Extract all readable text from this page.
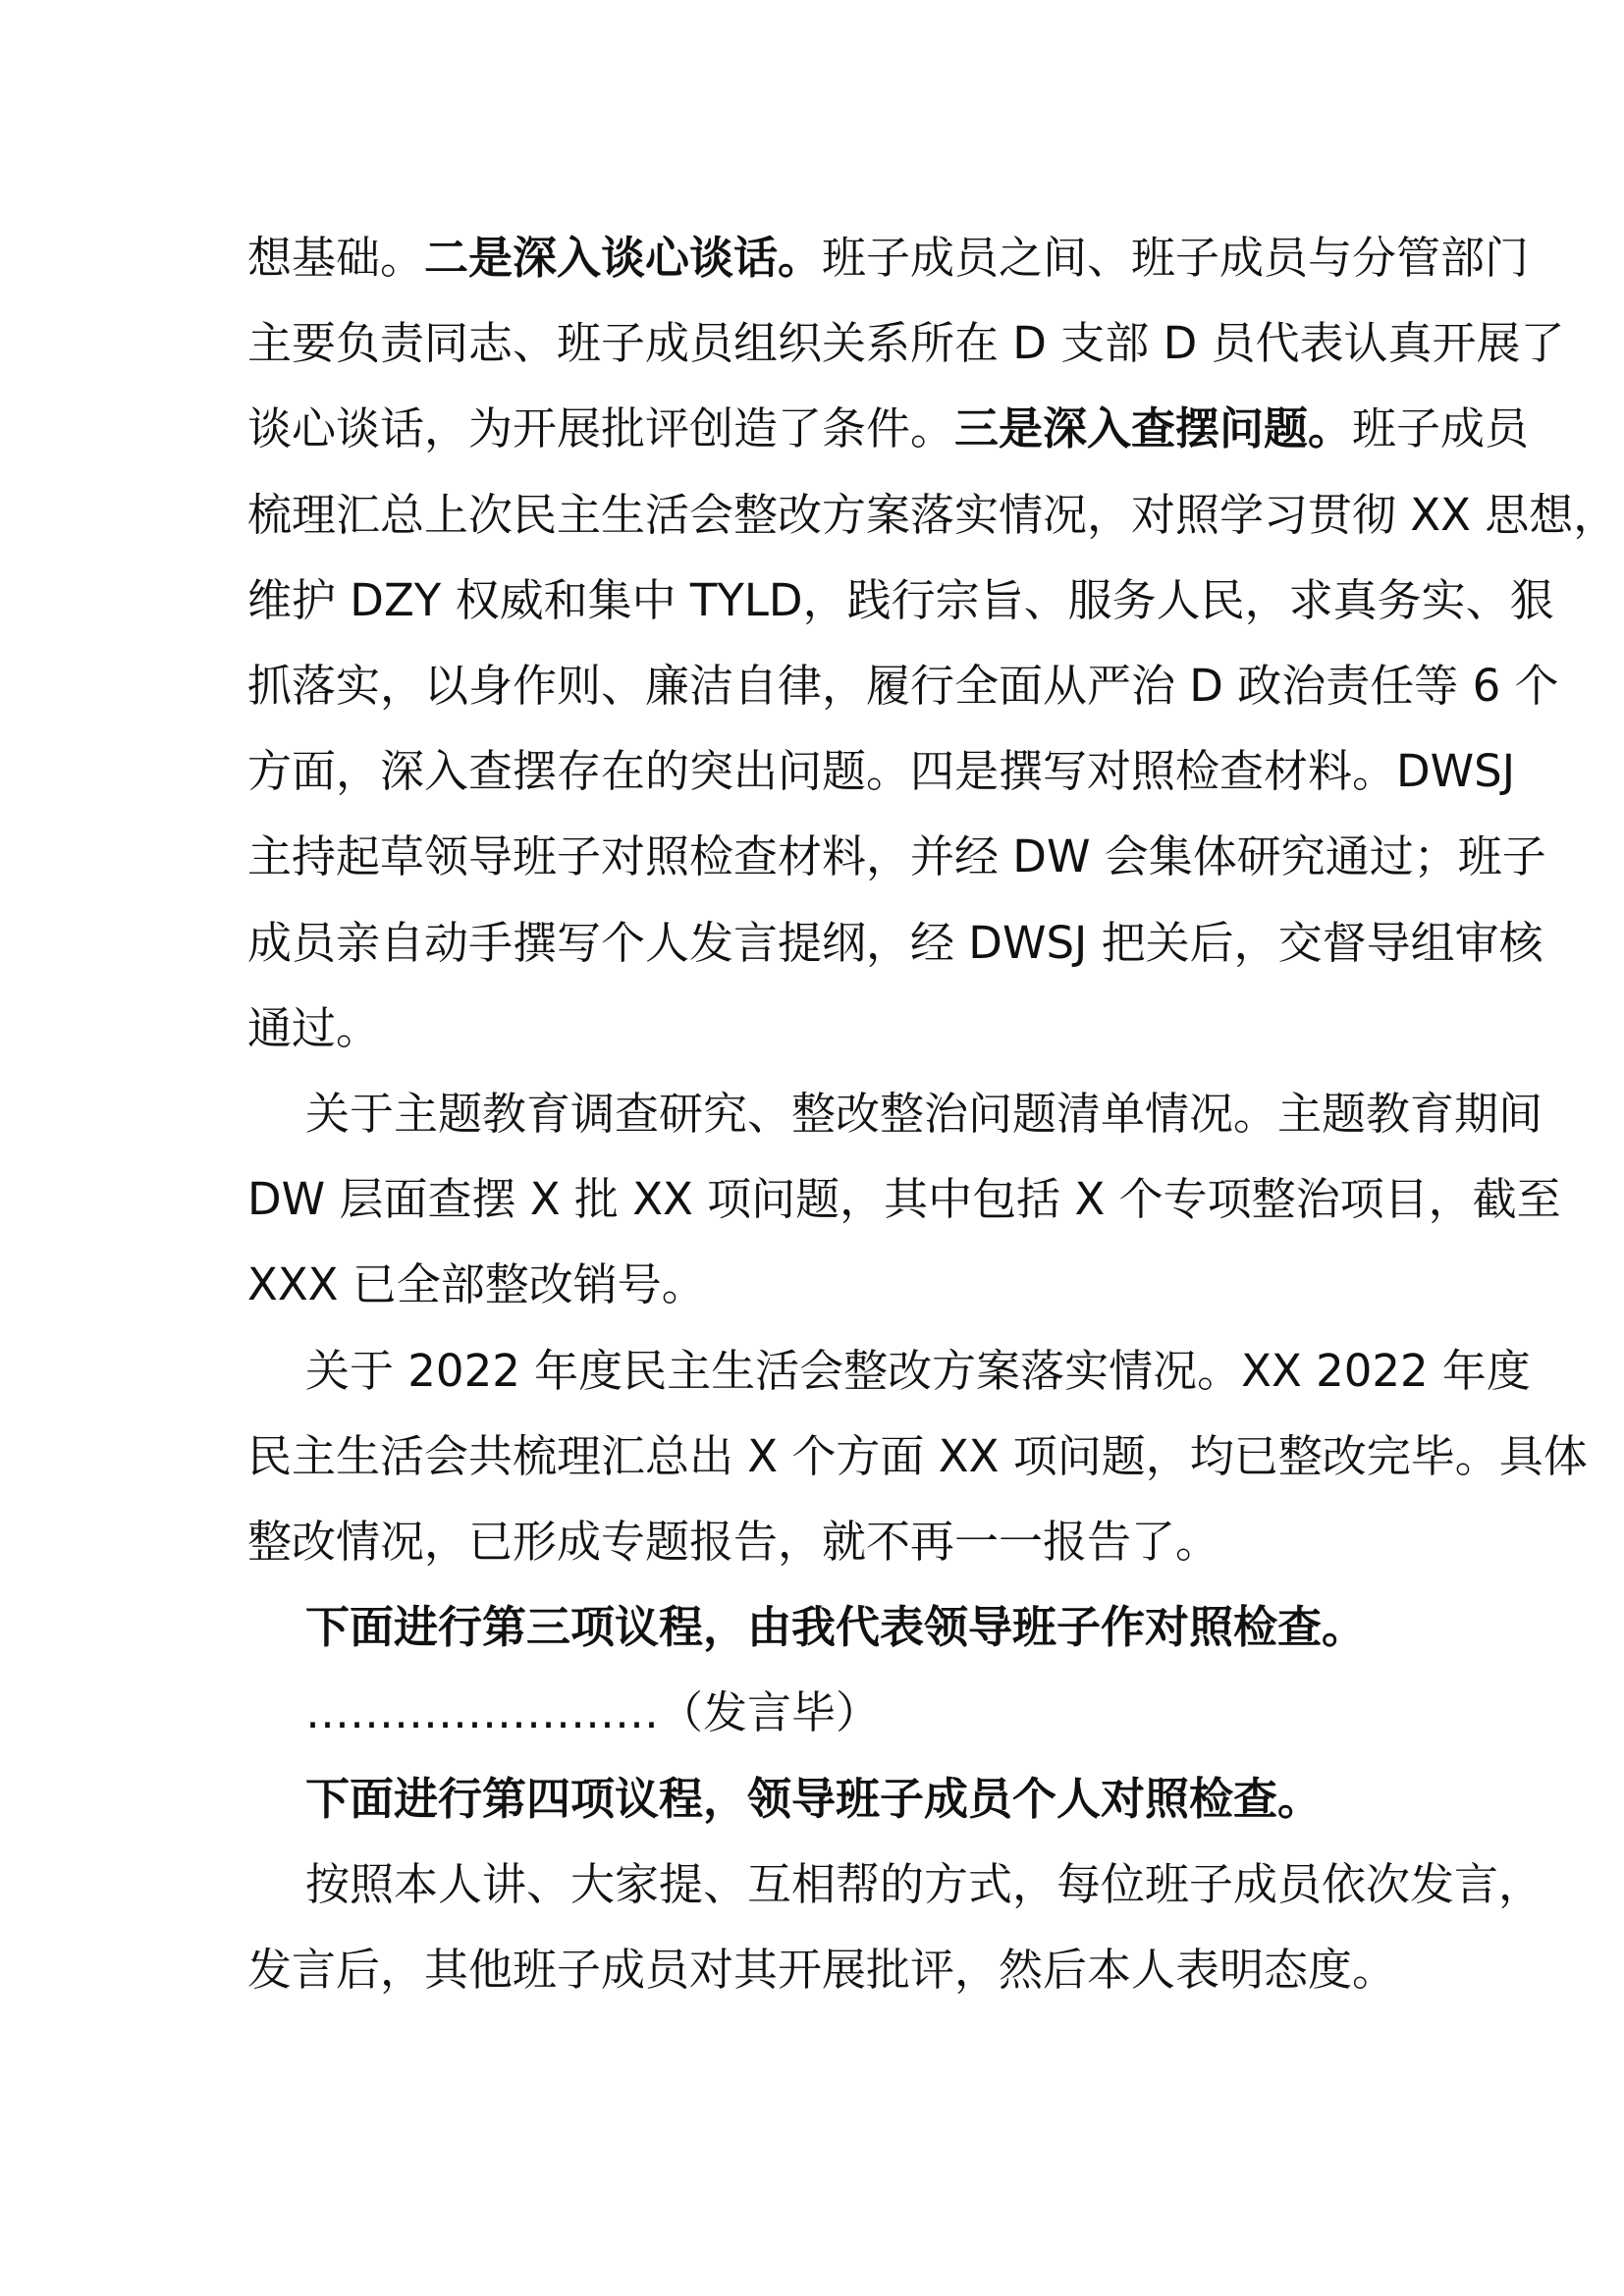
想基础。二是深入谈心谈话。班子成员之间、班子成员与分管部门
主要负责同志、班子成员组织关系所在 D 支部 D 员代表认真开展了
谈心谈话，为开展批评创造了条件。三是深入查摆问题。班子成员
梳理汇总上次民主生活会整改方案落实情况，对照学习贯彻 XX 思想，
维护 DZY 权威和集中 TYLD，践行宗旨、服务人民，求真务实、狠
抓落实，以身作则、廉洁自律，履行全面从严治 D 政治责任等 6 个
方面，深入查摆存在的突出问题。四是撰写对照检查材料。DWSJ
主持起草领导班子对照检查材料，并经 DW 会集体研究通过；班子
成员亲自动手撰写个人发言提纲，经 DWSJ 把关后，交督导组审核
通过。
关于主题教育调查研究、整改整治问题清单情况。主题教育期间
DW 层面查摆 X 批 XX 项问题，其中包括 X 个专项整治项目，截至
XXX 已全部整改销号。
关于 2022 年度民主生活会整改方案落实情况。XX 2022 年度
民主生活会共梳理汇总出 X 个方面 XX 项问题，均已整改完毕。具体
整改情况，已形成专题报告，就不再一一报告了。
下面进行第三项议程，由我代表领导班子作对照检查。
……………………（发言毕）
下面进行第四项议程，领导班子成员个人对照检查。
按照本人讲、大家提、互相帮的方式，每位班子成员依次发言，
发言后，其他班子成员对其开展批评，然后本人表明态度。
